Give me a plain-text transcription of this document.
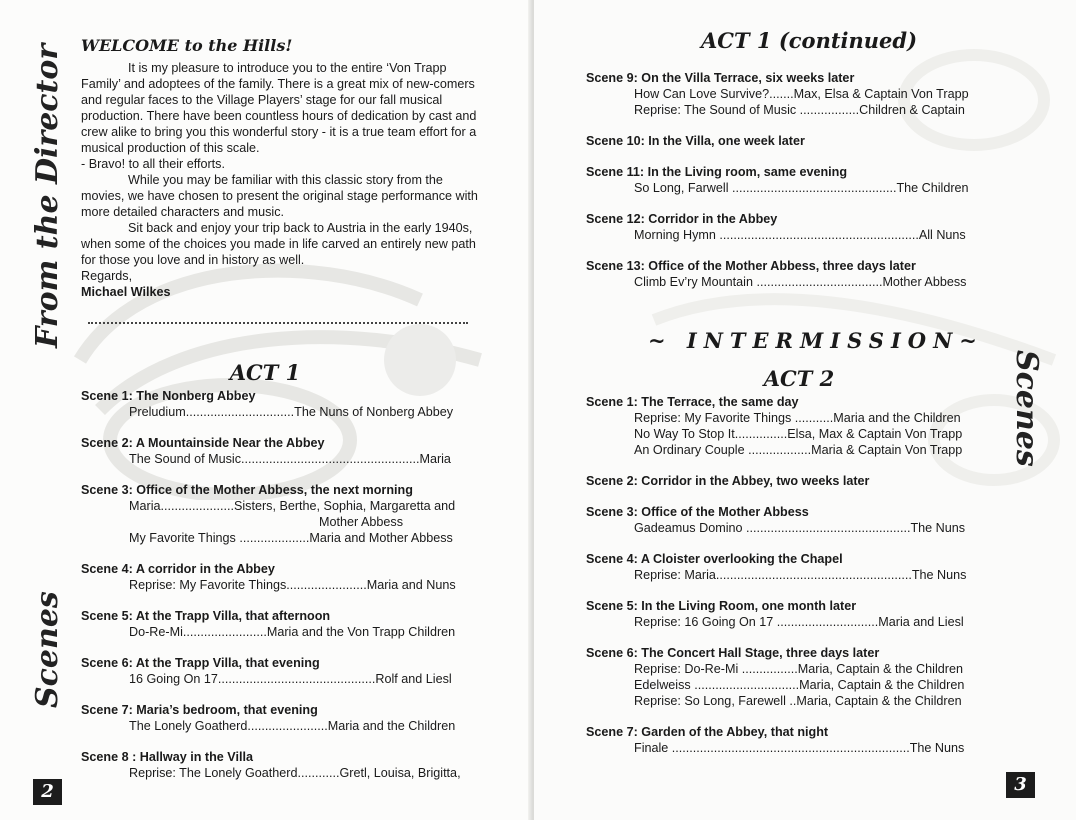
From the Director
Scenes
WELCOME to the Hills!

It is my pleasure to introduce you to the entire ‘Von Trapp Family’ and adoptees of the family. There is a great mix of new-comers and regular faces to the Village Players’ stage for our fall musical production. There have been countless hours of dedication by cast and crew alike to bring you this wonderful story - it is a true team effort for a musical production of this scale.

- Bravo! to all their efforts.

While you may be familiar with this classic story from the movies, we have chosen to present the original stage performance with more detailed characters and music.

Sit back and enjoy your trip back to Austria in the early 1940s, when some of the choices you made in life carved an entirely new path for those you love and in history as well.

Regards,

Michael Wilkes

ACT 1
Scene 1: The Nonberg Abbey
Preludium...............................The Nuns of Nonberg Abbey
Scene 2: A Mountainside Near the Abbey
The Sound of Music...................................................Maria
Scene 3: Office of the Mother Abbess, the next morning
Maria.....................Sisters, Berthe, Sophia, Margaretta and
Mother Abbess
My Favorite Things ....................Maria and Mother Abbess
Scene 4: A corridor in the Abbey
Reprise: My Favorite Things.......................Maria and Nuns
Scene 5: At the Trapp Villa, that afternoon
Do-Re-Mi........................Maria and the Von Trapp Children
Scene 6: At the Trapp Villa, that evening
16 Going On 17.............................................Rolf and Liesl
Scene 7: Maria’s bedroom, that evening
The Lonely Goatherd.......................Maria and the Children
Scene 8 : Hallway in the Villa
Reprise: The Lonely Goatherd............Gretl, Louisa, Brigitta,
2
ACT 1 (continued)
Scene 9: On the Villa Terrace, six weeks later
How Can Love Survive?.......Max, Elsa & Captain Von Trapp
Reprise: The Sound of Music .................Children & Captain
Scene 10: In the Villa, one week later
Scene 11: In the Living room, same evening
So Long, Farwell ...............................................The Children
Scene 12: Corridor in the Abbey
Morning Hymn .........................................................All Nuns
Scene 13: Office of the Mother Abbess, three days later
Climb Ev’ry Mountain ....................................Mother Abbess
~ INTERMISSION~
ACT 2
Scene 1: The Terrace, the same day
Reprise: My Favorite Things ...........Maria and the Children
No Way To Stop It...............Elsa, Max & Captain Von Trapp
An Ordinary Couple ..................Maria & Captain Von Trapp
Scene 2: Corridor in the Abbey, two weeks later
Scene 3: Office of the Mother Abbess
Gadeamus Domino ...............................................The Nuns
Scene 4: A Cloister overlooking the Chapel
Reprise: Maria........................................................The Nuns
Scene 5: In the Living Room, one month later
Reprise: 16 Going On 17 .............................Maria and Liesl
Scene 6: The Concert Hall Stage, three days later
Reprise: Do-Re-Mi ................Maria, Captain & the Children
Edelweiss ..............................Maria, Captain & the Children
Reprise: So Long, Farewell ..Maria, Captain & the Children
Scene 7: Garden of the Abbey, that night
Finale ....................................................................The Nuns
Scenes
3
